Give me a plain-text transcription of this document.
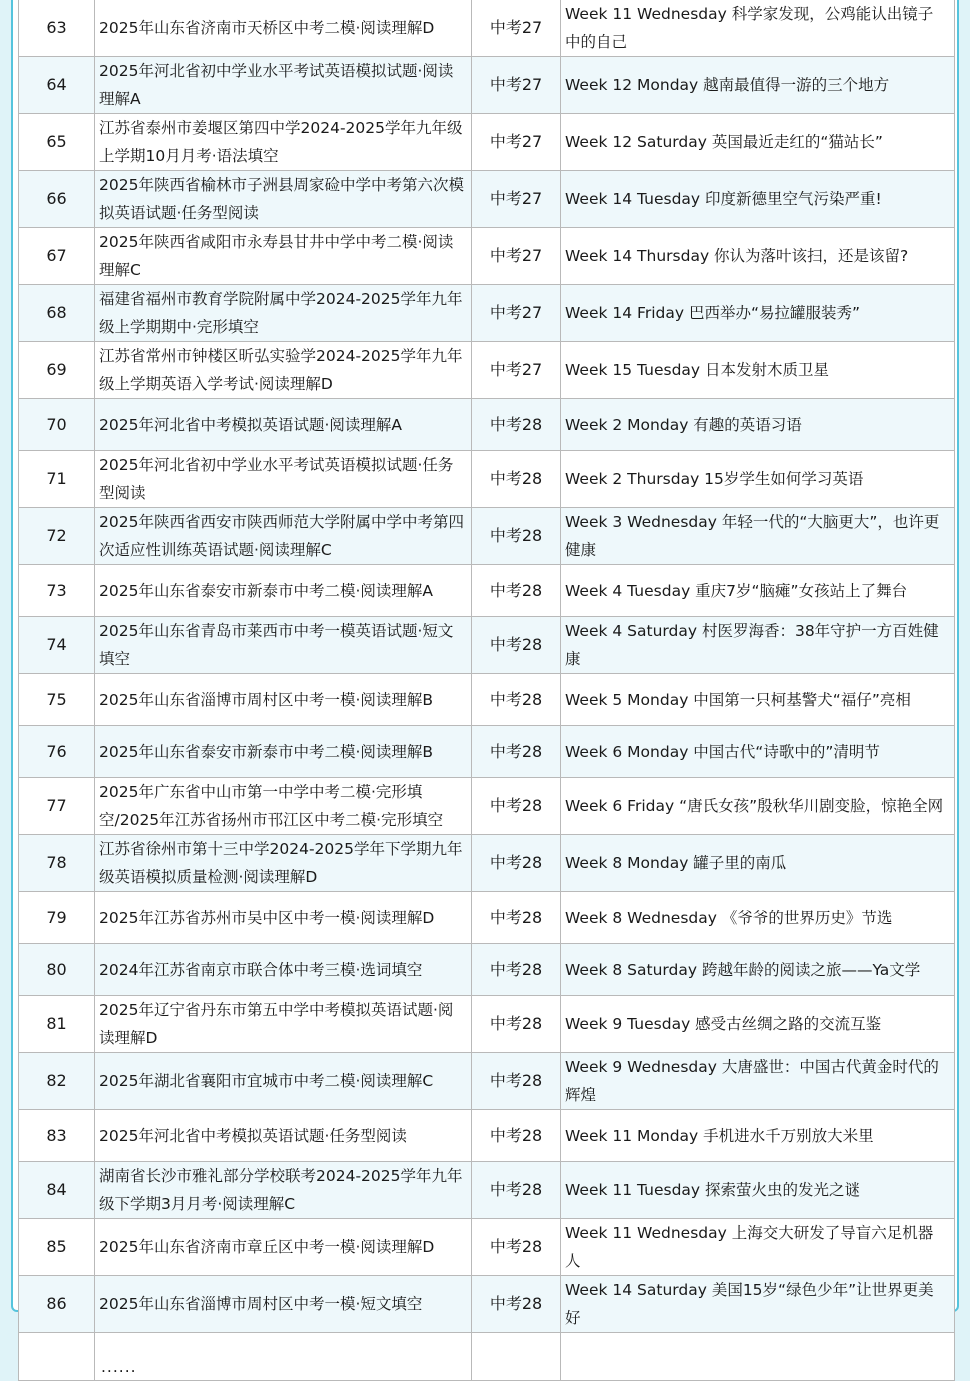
63	2025年山东省济南市天桥区中考二模·阅读理解D	中考27	Week 11 Wednesday 科学家发现，公鸡能认出镜子中的自己
64	2025年河北省初中学业水平考试英语模拟试题·阅读理解A	中考27	Week 12 Monday 越南最值得一游的三个地方
65	江苏省泰州市姜堰区第四中学2024-2025学年九年级上学期10月月考·语法填空	中考27	Week 12 Saturday 英国最近走红的“猫站长”
66	2025年陕西省榆林市子洲县周家硷中学中考第六次模拟英语试题·任务型阅读	中考27	Week 14 Tuesday 印度新德里空气污染严重!
67	2025年陕西省咸阳市永寿县甘井中学中考二模·阅读理解C	中考27	Week 14 Thursday 你认为落叶该扫，还是该留?
68	福建省福州市教育学院附属中学2024-2025学年九年级上学期期中·完形填空	中考27	Week 14 Friday 巴西举办“易拉罐服装秀”
69	江苏省常州市钟楼区昕弘实验学2024-2025学年九年级上学期英语入学考试·阅读理解D	中考27	Week 15 Tuesday 日本发射木质卫星
70	2025年河北省中考模拟英语试题·阅读理解A	中考28	Week 2 Monday 有趣的英语习语
71	2025年河北省初中学业水平考试英语模拟试题·任务型阅读	中考28	Week 2 Thursday 15岁学生如何学习英语
72	2025年陕西省西安市陕西师范大学附属中学中考第四次适应性训练英语试题·阅读理解C	中考28	Week 3 Wednesday 年轻一代的“大脑更大”，也许更健康
73	2025年山东省泰安市新泰市中考二模·阅读理解A	中考28	Week 4 Tuesday 重庆7岁“脑瘫”女孩站上了舞台
74	2025年山东省青岛市莱西市中考一模英语试题·短文填空	中考28	Week 4 Saturday 村医罗海香：38年守护一方百姓健康
75	2025年山东省淄博市周村区中考一模·阅读理解B	中考28	Week 5 Monday 中国第一只柯基警犬“福仔”亮相
76	2025年山东省泰安市新泰市中考二模·阅读理解B	中考28	Week 6 Monday 中国古代“诗歌中的”清明节
77	2025年广东省中山市第一中学中考二模·完形填空/2025年江苏省扬州市邗江区中考二模·完形填空	中考28	Week 6 Friday “唐氏女孩”殷秋华川剧变脸，惊艳全网
78	江苏省徐州市第十三中学2024-2025学年下学期九年级英语模拟质量检测·阅读理解D	中考28	Week 8 Monday 罐子里的南瓜
79	2025年江苏省苏州市吴中区中考一模·阅读理解D	中考28	Week 8 Wednesday 《爷爷的世界历史》节选
80	2024年江苏省南京市联合体中考三模·选词填空	中考28	Week 8 Saturday 跨越年龄的阅读之旅——Ya文学
81	2025年辽宁省丹东市第五中学中考模拟英语试题·阅读理解D	中考28	Week 9 Tuesday 感受古丝绸之路的交流互鉴
82	2025年湖北省襄阳市宜城市中考二模·阅读理解C	中考28	Week 9 Wednesday 大唐盛世：中国古代黄金时代的辉煌
83	2025年河北省中考模拟英语试题·任务型阅读	中考28	Week 11 Monday 手机进水千万别放大米里
84	湖南省长沙市雅礼部分学校联考2024-2025学年九年级下学期3月月考·阅读理解C	中考28	Week 11 Tuesday 探索萤火虫的发光之谜
85	2025年山东省济南市章丘区中考一模·阅读理解D	中考28	Week 11 Wednesday 上海交大研发了导盲六足机器人
86	2025年山东省淄博市周村区中考一模·短文填空	中考28	Week 14 Saturday 美国15岁“绿色少年”让世界更美好
	......		
